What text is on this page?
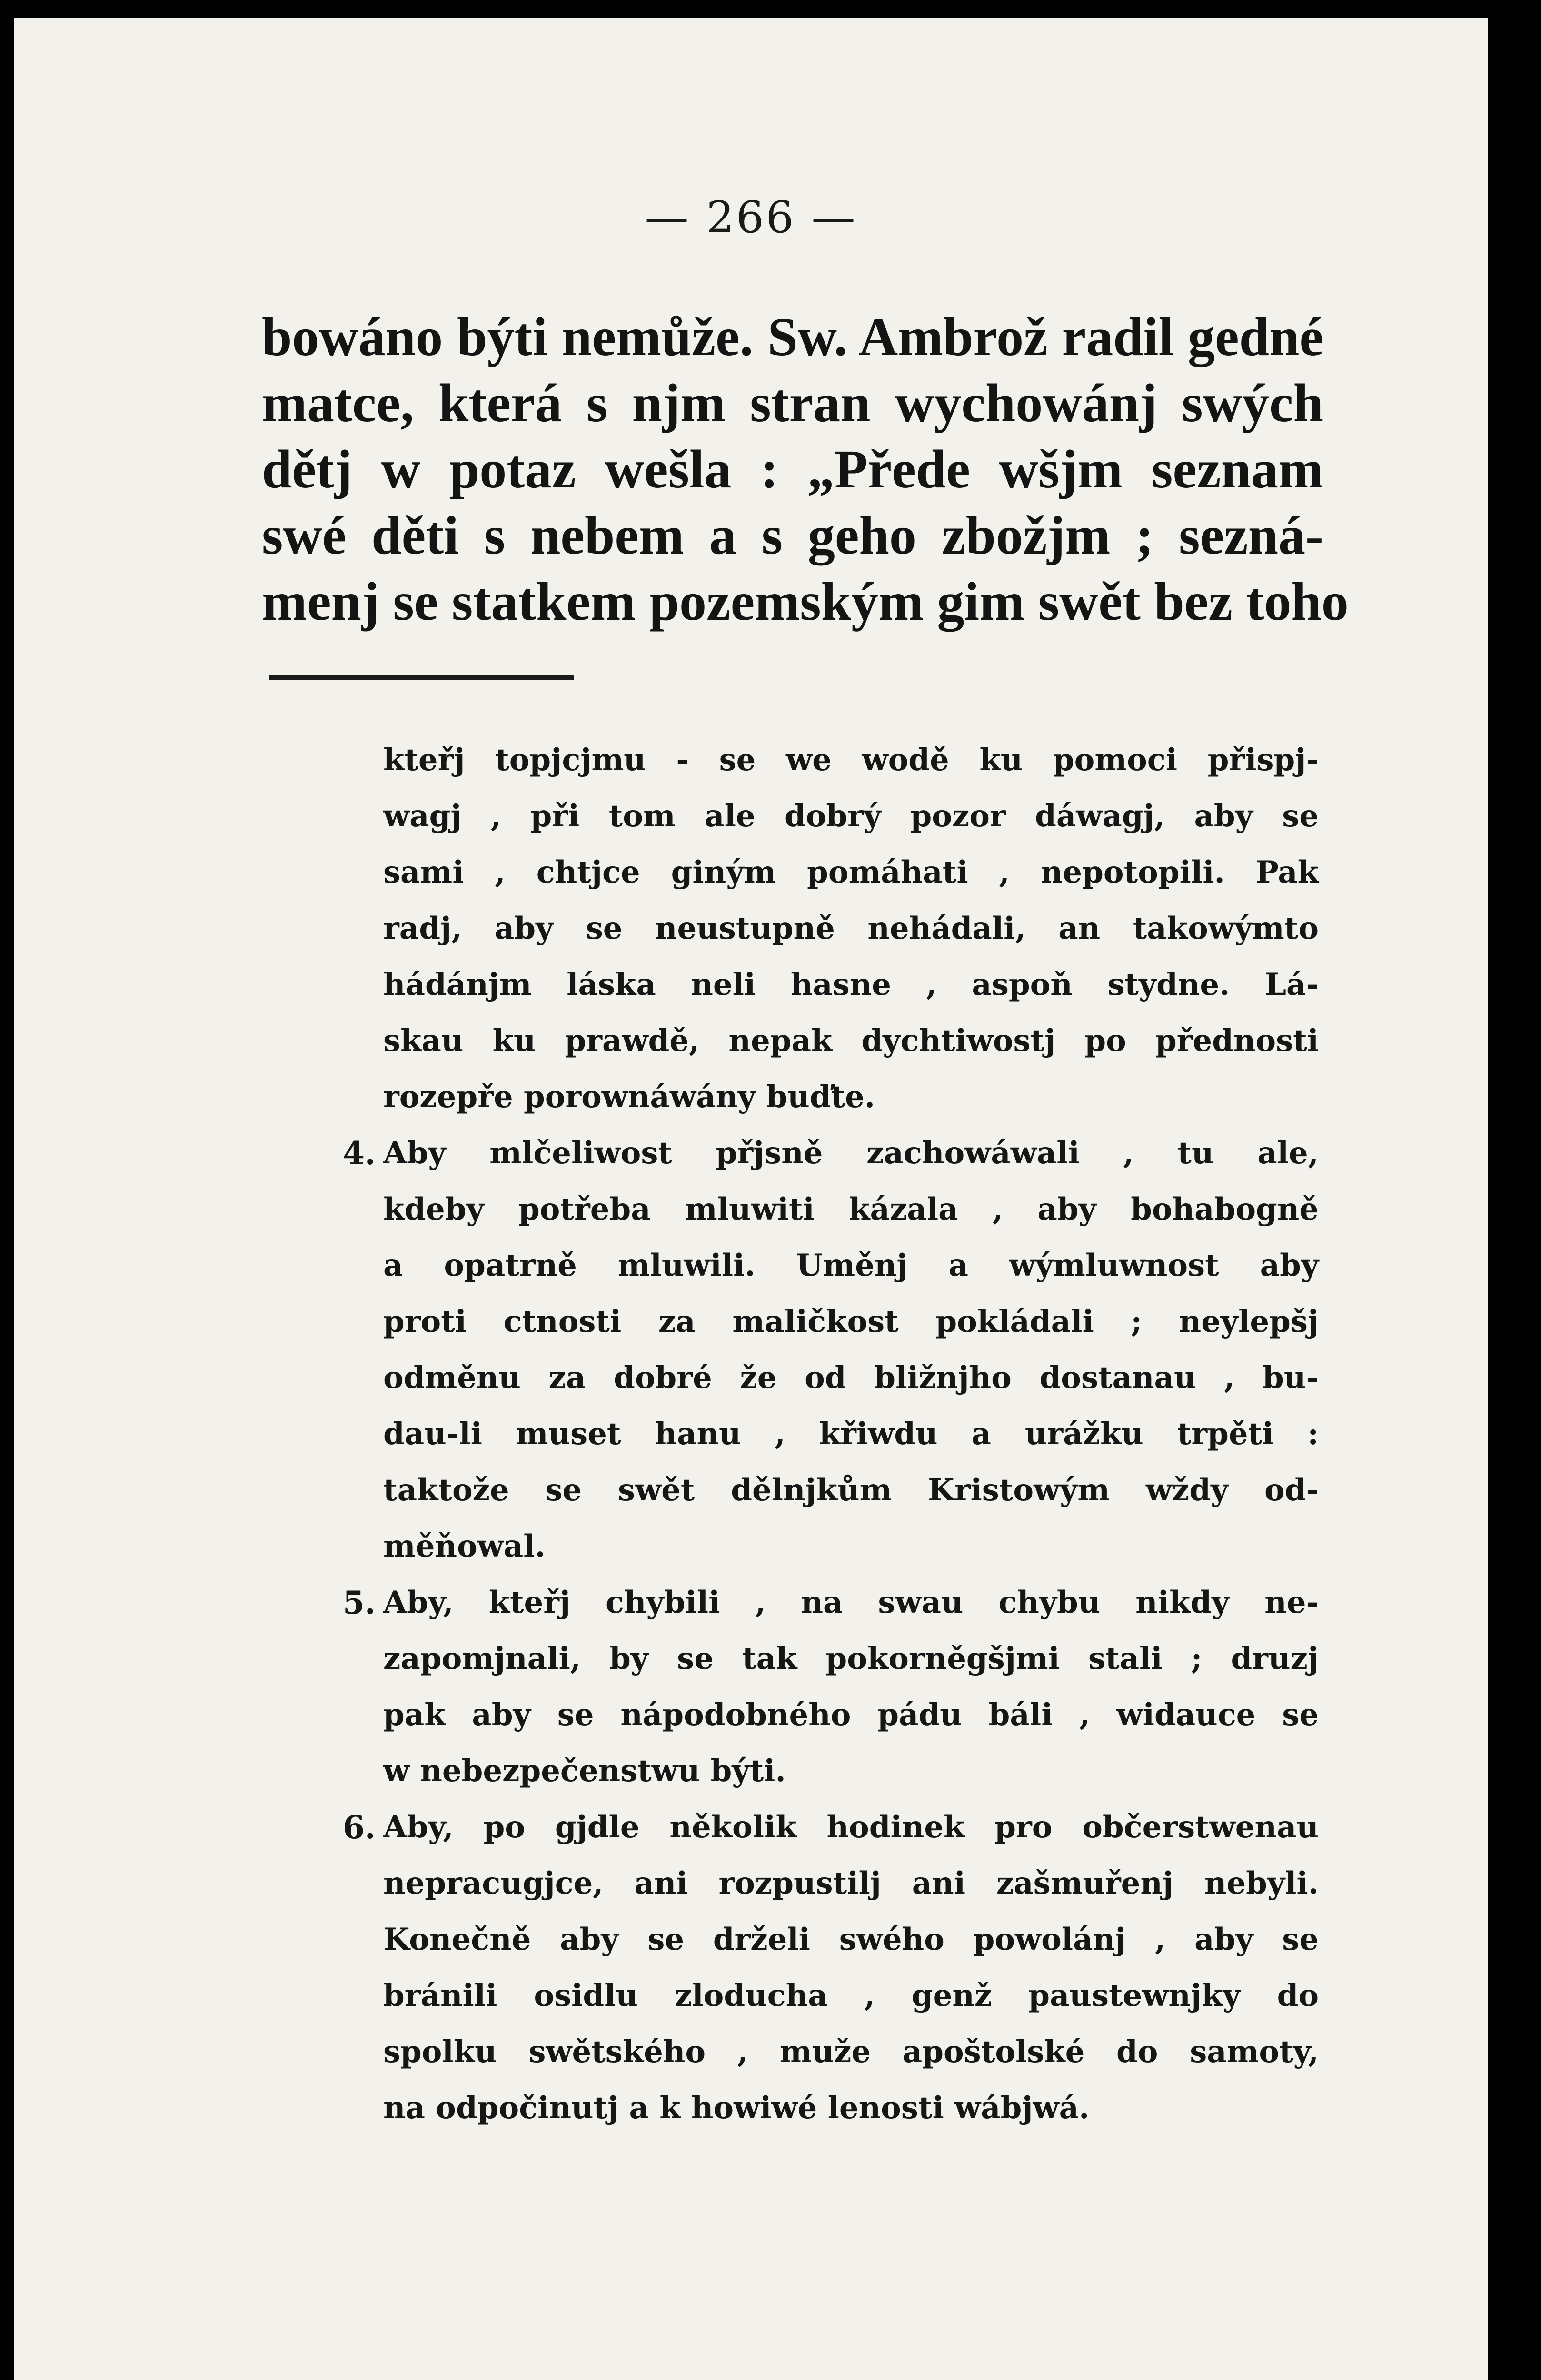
— 266 —
bowáno býti nemůže. Sw. Ambrož radil gedné
matce, která s njm stran wychowánj swých
dětj w potaz wešla : „Přede wšjm seznam
swé děti s nebem a s geho zbožjm ; sezná-
menj se statkem pozemským gim swět bez toho
kteřj topjcjmu - se we wodě ku pomoci přispj-
wagj , při tom ale dobrý pozor dáwagj, aby se
sami , chtjce giným pomáhati , nepotopili. Pak
radj, aby se neustupně nehádali, an takowýmto
hádánjm láska neli hasne , aspoň stydne. Lá-
skau ku prawdě, nepak dychtiwostj po přednosti
rozepře porownáwány buďte.
4. Aby mlčeliwost přjsně zachowáwali , tu ale,
kdeby potřeba mluwiti kázala , aby bohabogně
a opatrně mluwili. Uměnj a wýmluwnost aby
proti ctnosti za maličkost pokládali ; neylepšj
odměnu za dobré že od bližnjho dostanau , bu-
dau-li muset hanu , křiwdu a urážku trpěti :
taktože se swět dělnjkům Kristowým wždy od-
měňowal.
5. Aby, kteřj chybili , na swau chybu nikdy ne-
zapomjnali, by se tak pokorněgšjmi stali ; druzj
pak aby se nápodobného pádu báli , widauce se
w nebezpečenstwu býti.
6. Aby, po gjdle několik hodinek pro občerstwenau
nepracugjce, ani rozpustilj ani zašmuřenj nebyli.
Konečně aby se drželi swého powolánj , aby se
bránili osidlu zloducha , genž paustewnjky do
spolku swětského , muže apoštolské do samoty,
na odpočinutj a k howiwé lenosti wábjwá.
